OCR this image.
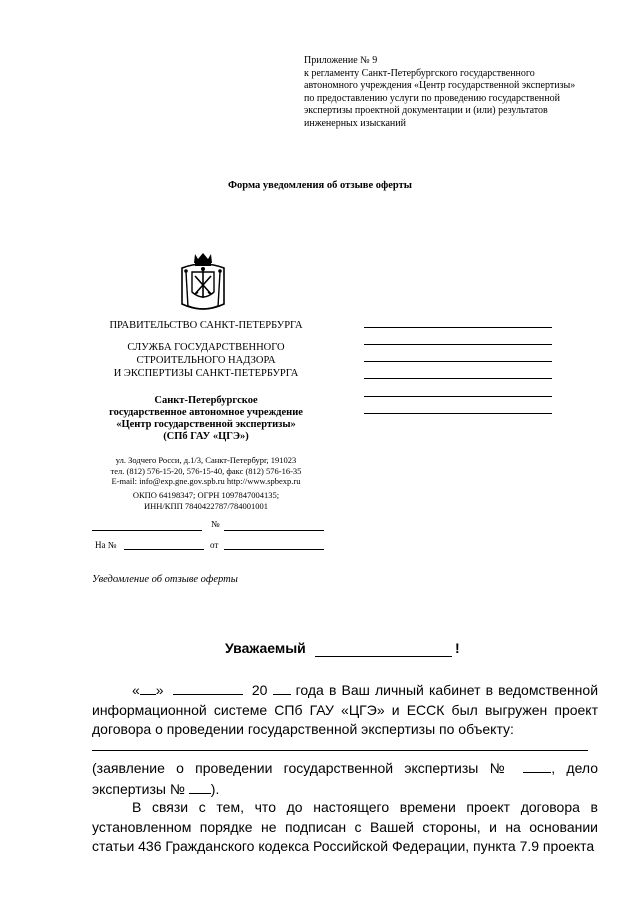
Приложение № 9
к регламенту Санкт-Петербургского государственного
автономного учреждения «Центр государственной экспертизы»
по предоставлению услуги по проведению государственной
экспертизы проектной документации и (или) результатов
инженерных изысканий
Форма уведомления об отзыве оферты
ПРАВИТЕЛЬСТВО САНКТ-ПЕТЕРБУРГА
СЛУЖБА ГОСУДАРСТВЕННОГО
СТРОИТЕЛЬНОГО НАДЗОРА
И ЭКСПЕРТИЗЫ САНКТ-ПЕТЕРБУРГА
Санкт-Петербургское
государственное автономное учреждение
«Центр государственной экспертизы»
(СПб ГАУ «ЦГЭ»)
ул. Зодчего Росси, д.1/3, Санкт-Петербург, 191023
тел. (812) 576-15-20, 576-15-40, факс (812) 576-16-35
E-mail: info@exp.gne.gov.spb.ru http://www.spbexp.ru
ОКПО 64198347; ОГРН 1097847004135;
ИНН/КПП 7840422787/784001001
№
На №	от
Уведомление об отзыве оферты
Уважаемый	!

« »	20 года в Ваш личный кабинет в ведомственной информационной системе СПб ГАУ «ЦГЭ» и ЕССК был выгружен проект договора о проведении государственной экспертизы по объекту:

(заявление о проведении государственной экспертизы №	, дело экспертизы № ).

В связи с тем, что до настоящего времени проект договора в установленном порядке не подписан с Вашей стороны, и на основании статьи 436 Гражданского кодекса Российской Федерации, пункта 7.9 проекта
